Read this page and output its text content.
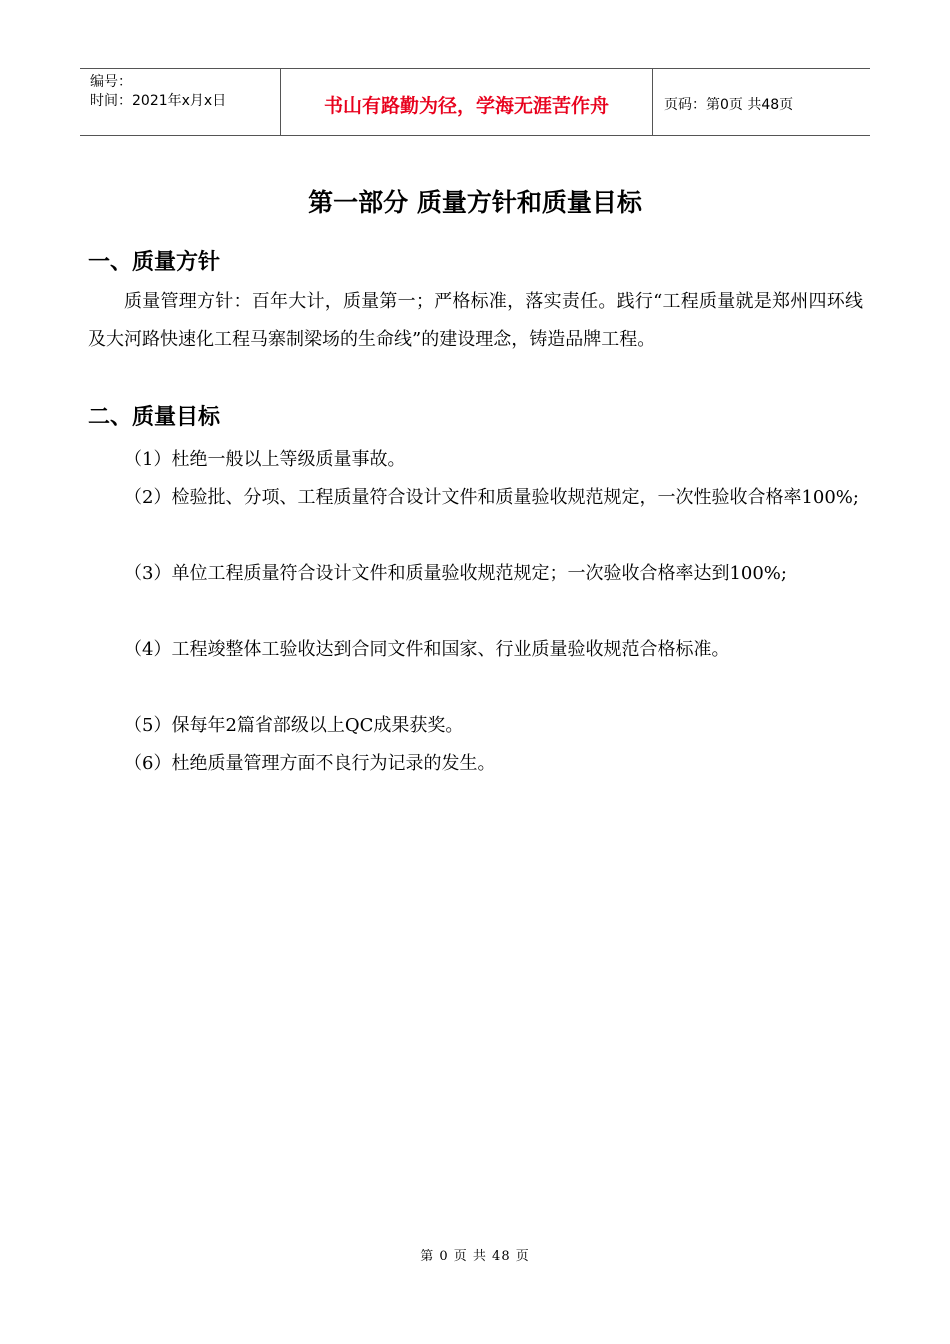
编号：
时间：2021年x月x日	书山有路勤为径，学海无涯苦作舟	页码：第0页 共48页
第一部分 质量方针和质量目标
一、质量方针
质量管理方针：百年大计，质量第一；严格标准，落实责任。践行“工程质量就是郑州四环线及大河路快速化工程马寨制梁场的生命线”的建设理念，铸造品牌工程。
二、质量目标
（1）杜绝一般以上等级质量事故。
（2）检验批、分项、工程质量符合设计文件和质量验收规范规定，一次性验收合格率100%;
（3）单位工程质量符合设计文件和质量验收规范规定；一次验收合格率达到100%;
（4）工程竣整体工验收达到合同文件和国家、行业质量验收规范合格标准。
（5）保每年2篇省部级以上QC成果获奖。
（6）杜绝质量管理方面不良行为记录的发生。
第 0 页 共 48 页
